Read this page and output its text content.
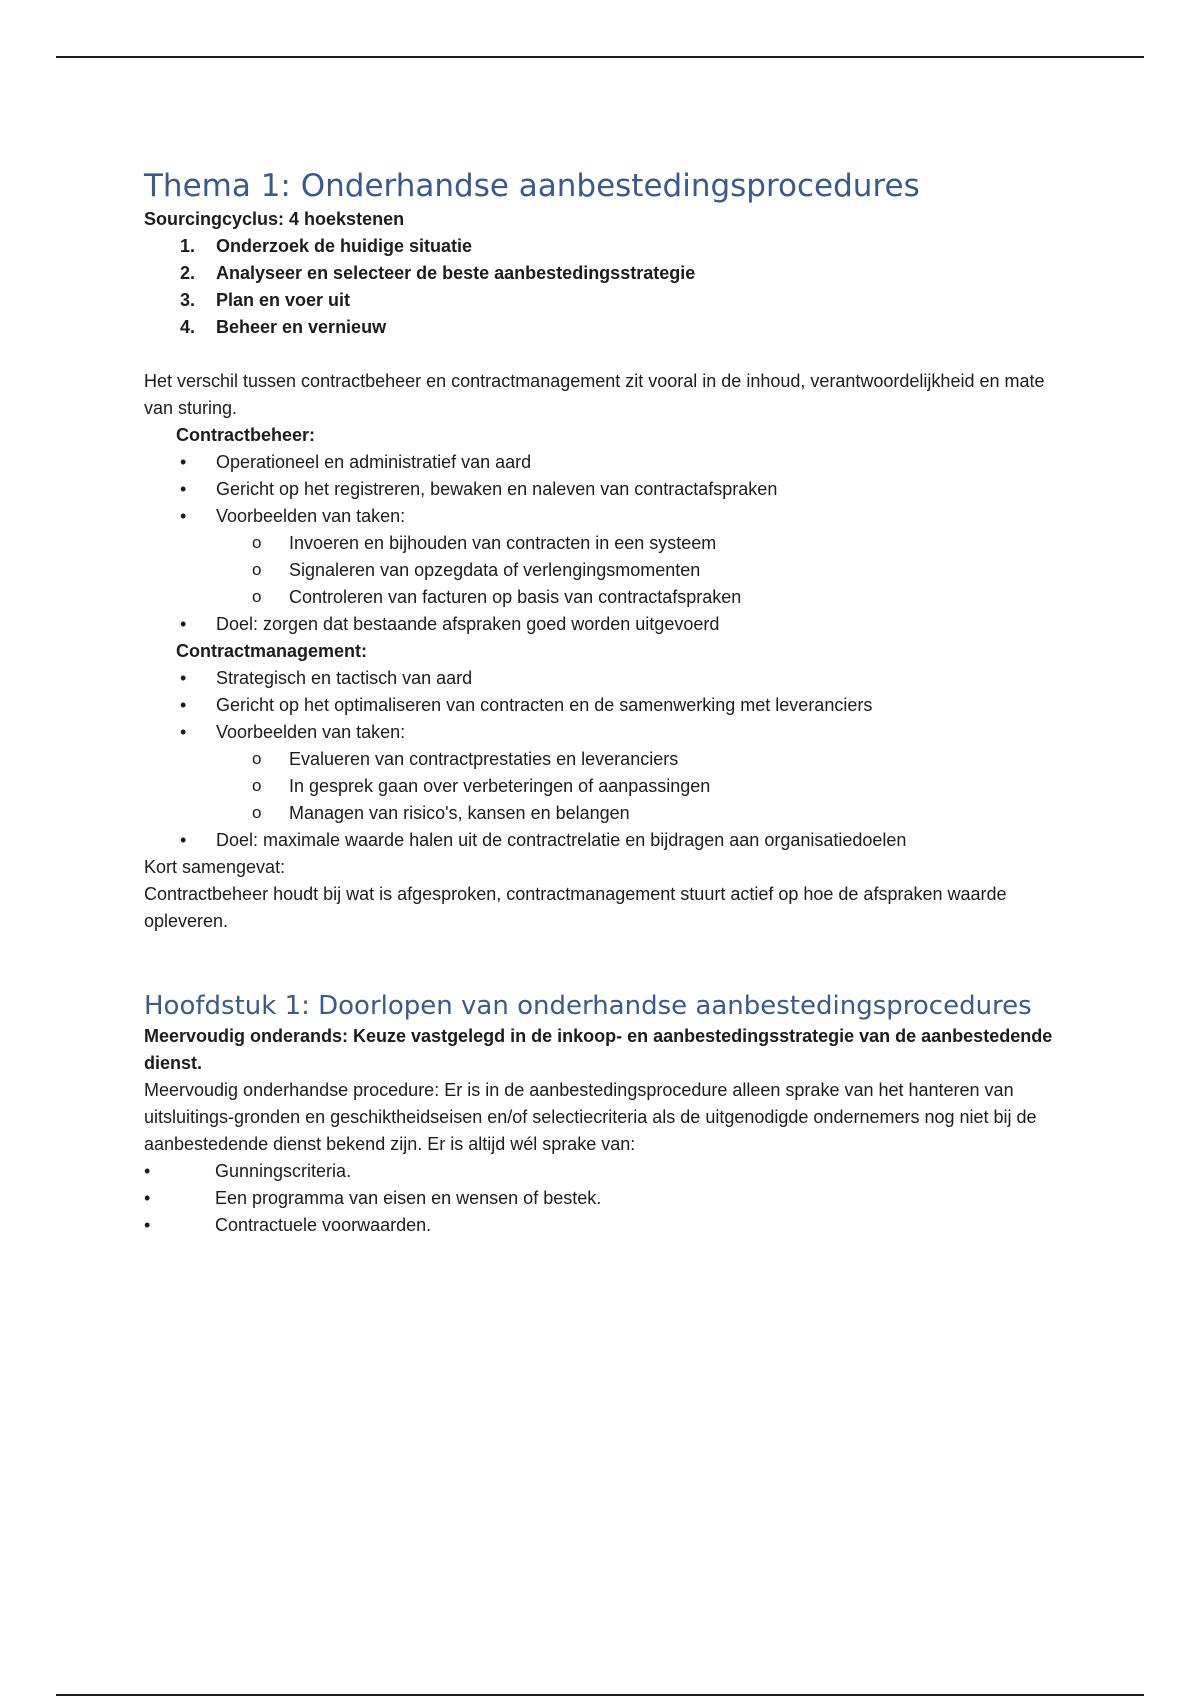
Thema 1: Onderhandse aanbestedingsprocedures

Sourcingcyclus: 4 hoekstenen

1. Onderzoek de huidige situatie
2. Analyseer en selecteer de beste aanbestedingsstrategie
3. Plan en voer uit
4. Beheer en vernieuw

Het verschil tussen contractbeheer en contractmanagement zit vooral in de inhoud, verantwoordelijkheid en mate van sturing.

Contractbeheer:

• Operationeel en administratief van aard
• Gericht op het registreren, bewaken en naleven van contractafspraken
• Voorbeelden van taken:
o Invoeren en bijhouden van contracten in een systeem
o Signaleren van opzegdata of verlengingsmomenten
o Controleren van facturen op basis van contractafspraken
• Doel: zorgen dat bestaande afspraken goed worden uitgevoerd

Contractmanagement:

• Strategisch en tactisch van aard
• Gericht op het optimaliseren van contracten en de samenwerking met leveranciers
• Voorbeelden van taken:
o Evalueren van contractprestaties en leveranciers
o In gesprek gaan over verbeteringen of aanpassingen
o Managen van risico's, kansen en belangen
• Doel: maximale waarde halen uit de contractrelatie en bijdragen aan organisatiedoelen

Kort samengevat:

Contractbeheer houdt bij wat is afgesproken, contractmanagement stuurt actief op hoe de afspraken waarde opleveren.

Hoofdstuk 1: Doorlopen van onderhandse aanbestedingsprocedures

Meervoudig onderands: Keuze vastgelegd in de inkoop- en aanbestedingsstrategie van de aanbestedende dienst.

Meervoudig onderhandse procedure: Er is in de aanbestedingsprocedure alleen sprake van het hanteren van uitsluitings-gronden en geschiktheidseisen en/of selectiecriteria als de uitgenodigde ondernemers nog niet bij de aanbestedende dienst bekend zijn. Er is altijd wél sprake van:

•	Gunningscriteria.
•	Een programma van eisen en wensen of bestek.
•	Contractuele voorwaarden.
